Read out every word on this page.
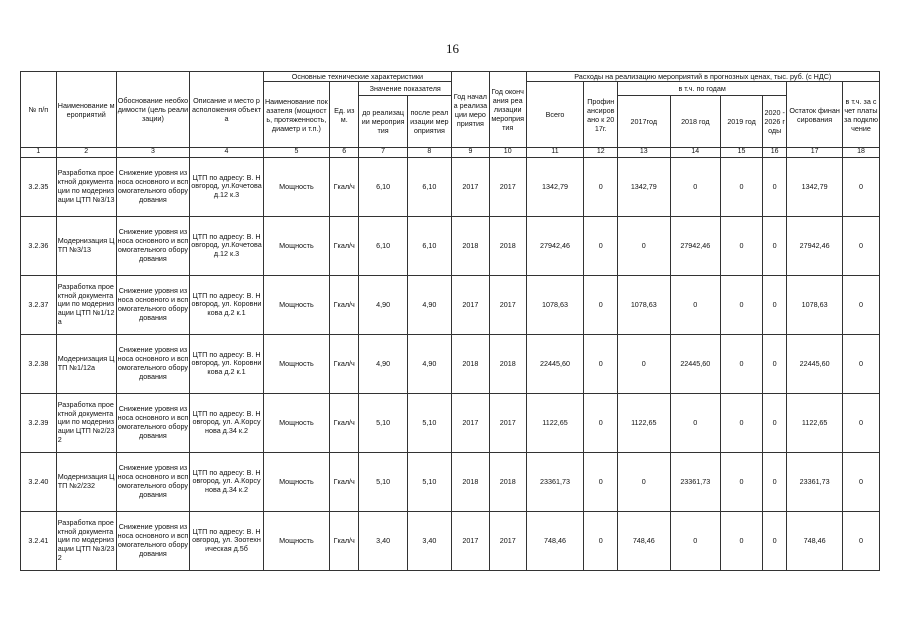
16
№ п/п	Наименование мероприятий	Обоснование необходимости (цель реализации)	Описание и место расположения объекта	Основные технические характеристики				Год начала реализации мероприятия	Год окончания реализации мероприятия	Расходы на реализацию мероприятий в прогнозных ценах, тыс. руб. (с НДС)							
				Наименование показателя (мощность, протяженность, диаметр и т.п.)	Ед. изм.	Значение показателя				Всего	Профинансировано к 2017г.	в т.ч. по годам				Остаток финансирования	в т.ч. за счет платы за подключение
						до реализации мероприятия	после реализации мероприятия					2017год	2018 год	2019 год	2020 - 2026 годы		
1	2	3	4	5	6	7	8	9	10	11	12	13	14	15	16	17	18
3.2.35	Разработка проектной документации по модернизации ЦТП №3/13	Снижение уровня износа основного и вспомогательного оборудования	ЦТП по адресу: В. Новгород, ул.Кочетова д.12 к.3	Мощность	Гкал/ч	6,10	6,10	2017	2017	1342,79	0	1342,79	0	0	0	1342,79	0
3.2.36	Модернизация ЦТП №3/13	Снижение уровня износа основного и вспомогательного оборудования	ЦТП по адресу: В. Новгород, ул.Кочетова д.12 к.3	Мощность	Гкал/ч	6,10	6,10	2018	2018	27942,46	0	0	27942,46	0	0	27942,46	0
3.2.37	Разработка проектной документации по модернизации ЦТП №1/12а	Снижение уровня износа основного и вспомогательного оборудования	ЦТП по адресу: В. Новгород, ул. Коровникова д.2 к.1	Мощность	Гкал/ч	4,90	4,90	2017	2017	1078,63	0	1078,63	0	0	0	1078,63	0
3.2.38	Модернизация ЦТП №1/12а	Снижение уровня износа основного и вспомогательного оборудования	ЦТП по адресу: В. Новгород, ул. Коровникова д.2 к.1	Мощность	Гкал/ч	4,90	4,90	2018	2018	22445,60	0	0	22445,60	0	0	22445,60	0
3.2.39	Разработка проектной документации по модернизации ЦТП №2/232	Снижение уровня износа основного и вспомогательного оборудования	ЦТП по адресу: В. Новгород, ул. А.Корсунова д.34 к.2	Мощность	Гкал/ч	5,10	5,10	2017	2017	1122,65	0	1122,65	0	0	0	1122,65	0
3.2.40	Модернизация ЦТП №2/232	Снижение уровня износа основного и вспомогательного оборудования	ЦТП по адресу: В. Новгород, ул. А.Корсунова д.34 к.2	Мощность	Гкал/ч	5,10	5,10	2018	2018	23361,73	0	0	23361,73	0	0	23361,73	0
3.2.41	Разработка проектной документации по модернизации ЦТП №3/232	Снижение уровня износа основного и вспомогательного оборудования	ЦТП по адресу: В. Новгород, ул. Зоотехническая д.5б	Мощность	Гкал/ч	3,40	3,40	2017	2017	748,46	0	748,46	0	0	0	748,46	0
